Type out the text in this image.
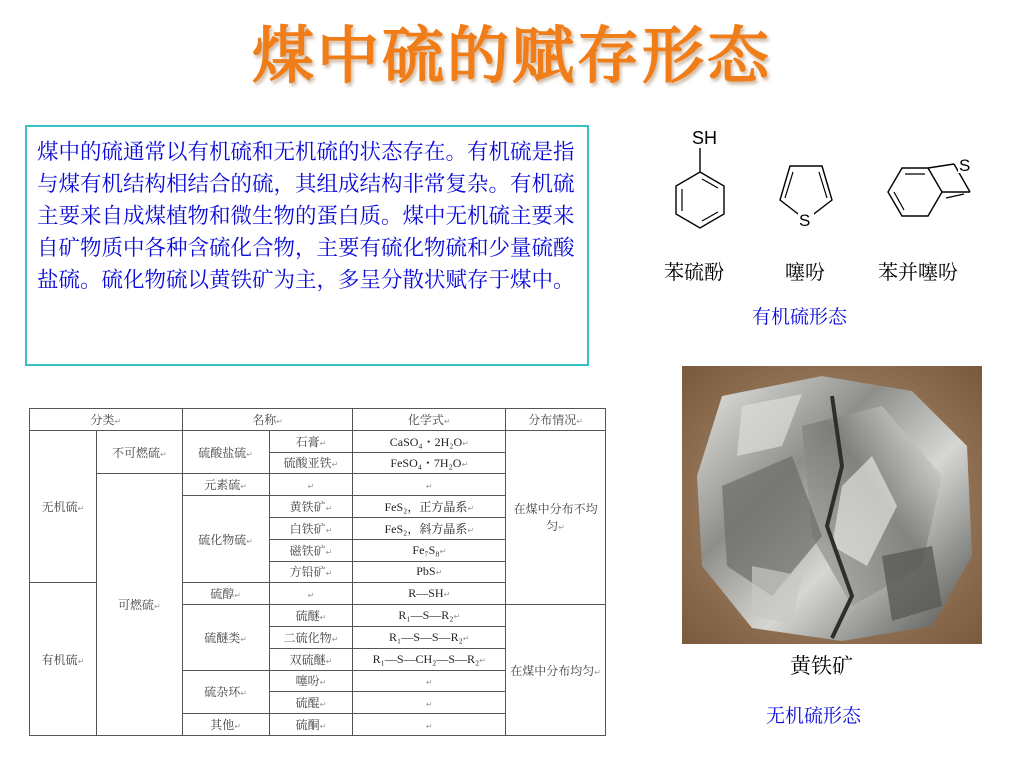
煤中硫的赋存形态
煤中的硫通常以有机硫和无机硫的状态存在。有机硫是指与煤有机结构相结合的硫，其组成结构非常复杂。有机硫主要来自成煤植物和微生物的蛋白质。煤中无机硫主要来自矿物质中各种含硫化合物，主要有硫化物硫和少量硫酸盐硫。硫化物硫以黄铁矿为主，多呈分散状赋存于煤中。
SH
S
S
苯硫酚	噻吩	苯并噻吩
有机硫形态
黄铁矿
无机硫形态
分类↵		名称↵		化学式↵	分布情况↵
无机硫↵	不可燃硫↵	硫酸盐硫↵	石膏↵	CaSO₄・2H₂O↵	在煤中分布不均匀↵
			硫酸亚铁↵	FeSO₄・7H₂O↵	
	可燃硫↵	元素硫↵	↵	↵	
		硫化物硫↵	黄铁矿↵	FeS₂，正方晶系↵	
			白铁矿↵	FeS₂，斜方晶系↵	
			磁铁矿↵	Fe₇S₈↵	
			方铅矿↵	PbS↵	
有机硫↵		硫醇↵	↵	R—SH↵	
		硫醚类↵	硫醚↵	R₁—S—R₂↵	在煤中分布均匀↵
			二硫化物↵	R₁—S—S—R₂↵	
			双硫醚↵	R₁—S—CH₂—S—R₂↵	
		硫杂环↵	噻吩↵	↵	
			硫醌↵	↵	
		其他↵	硫酮↵	↵	
